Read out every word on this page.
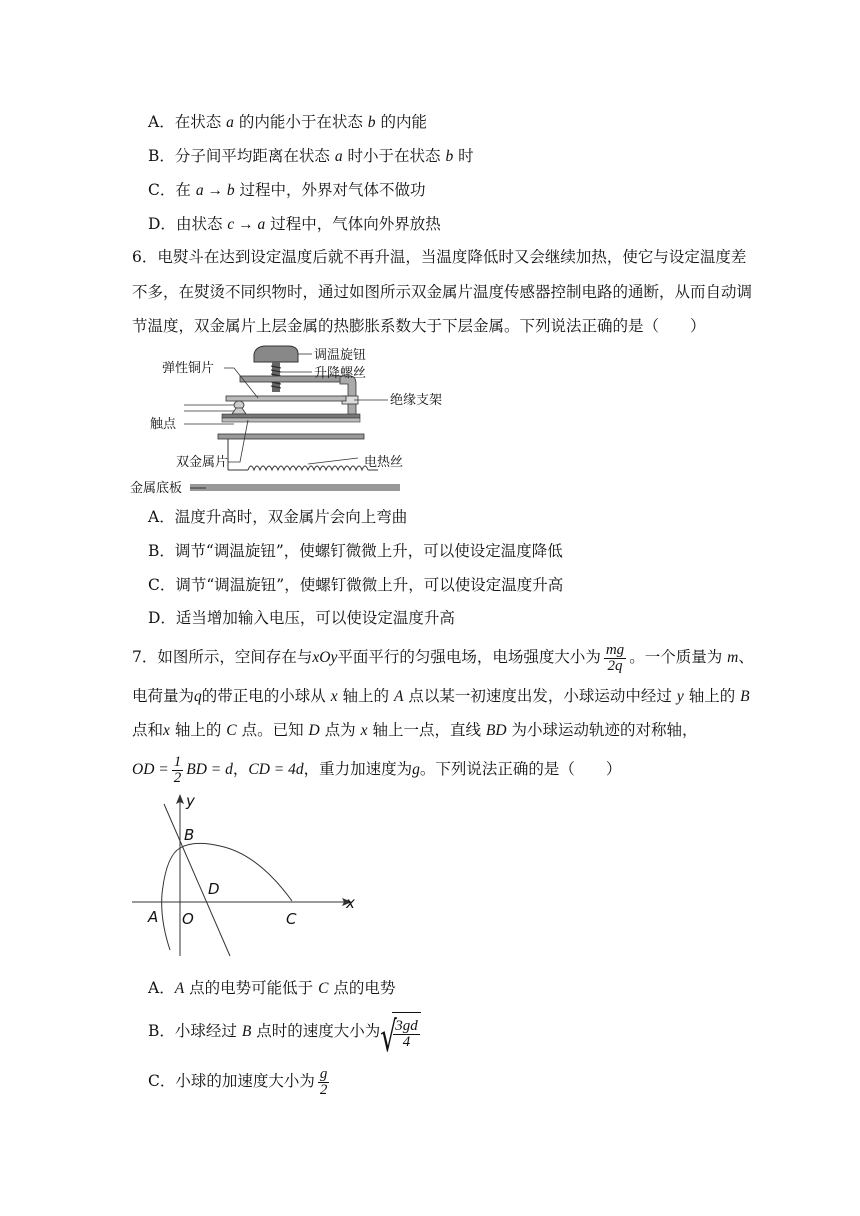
A．在状态 a 的内能小于在状态 b 的内能
B．分子间平均距离在状态 a 时小于在状态 b 时
C．在 a → b 过程中，外界对气体不做功
D．由状态 c → a 过程中，气体向外界放热
6．电熨斗在达到设定温度后就不再升温，当温度降低时又会继续加热，使它与设定温度差
不多，在熨烫不同织物时，通过如图所示双金属片温度传感器控制电路的通断，从而自动调
节温度，双金属片上层金属的热膨胀系数大于下层金属。下列说法正确的是（　　）
调温旋钮
弹性铜片	升降螺丝
绝缘支架
触点
双金属片	电热丝
金属底板
A．温度升高时，双金属片会向上弯曲
B．调节“调温旋钮”，使螺钉微微上升，可以使设定温度降低
C．调节“调温旋钮”，使螺钉微微上升，可以使设定温度升高
D．适当增加输入电压，可以使设定温度升高
7．如图所示，空间存在与xOy平面平行的匀强电场，电场强度大小为 $\frac{mg}{2q}$ 。一个质量为 m、
电荷量为q的带正电的小球从 x 轴上的 A 点以某一初速度出发，小球运动中经过 y 轴上的 B
点和x 轴上的 C 点。已知 D 点为 x 轴上一点，直线 BD 为小球运动轨迹的对称轴，
OD = $\frac{1}{2}$ BD = d，CD = 4d，重力加速度为g。下列说法正确的是（　　）
y
x
B
D
A O	C
A．A 点的电势可能低于 C 点的电势
B．小球经过 B 点时的速度大小为 √
$\frac{3gd}{4}$
C．小球的加速度大小为 $\frac{g}{2}$
